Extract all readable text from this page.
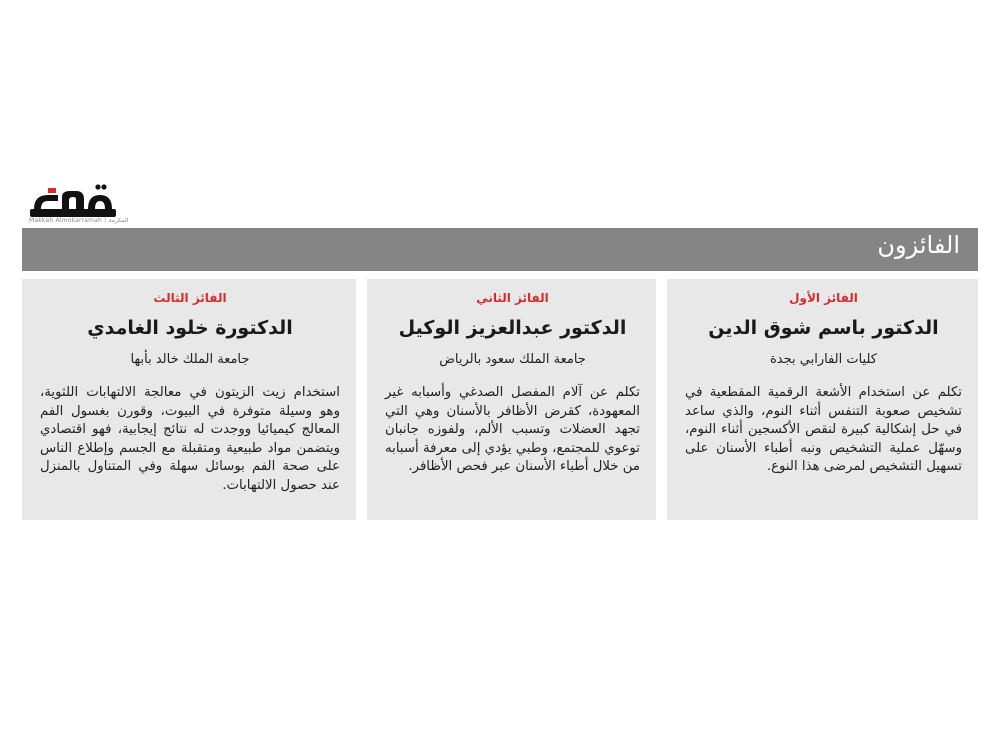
Makkah Alm​okarramah | المكرمة
الفائزون
الفائز الأول
الدكتور باسم شوق الدين
كليات الفارابي بجدة
تكلم عن استخدام الأشعة الرقمية المقطعية في تشخيص صعوبة التنفس أثناء النوم، والذي ساعد في حل إشكالية كبيرة لنقص الأكسجين أثناء النوم، وسهّل عملية التشخيص ونبه أطباء الأسنان على تسهيل التشخيص لمرضى هذا النوع.
الفائز الثاني
الدكتور عبدالعزيز الوكيل
جامعة الملك سعود بالرياض
تكلم عن آلام المفصل الصدغي وأسبابه غير المعهودة، كقرض الأظافر بالأسنان وهي التي تجهد العضلات وتسبب الألم، ولفوزه جانبان توعوي للمجتمع، وطبي يؤدي إلى معرفة أسبابه من خلال أطباء الأسنان عبر فحص الأظافر.
الفائز الثالث
الدكتورة خلود الغامدي
جامعة الملك خالد بأبها
استخدام زيت الزيتون في معالجة الالتهابات اللثوية، وهو وسيلة متوفرة في البيوت، وقورن بغسول الفم المعالج كيميائيا ووجدت له نتائج إيجابية، فهو اقتصادي ويتضمن مواد طبيعية ومتقبلة مع الجسم وإطلاع الناس على صحة الفم بوسائل سهلة وفي المتناول بالمنزل عند حصول الالتهابات.
